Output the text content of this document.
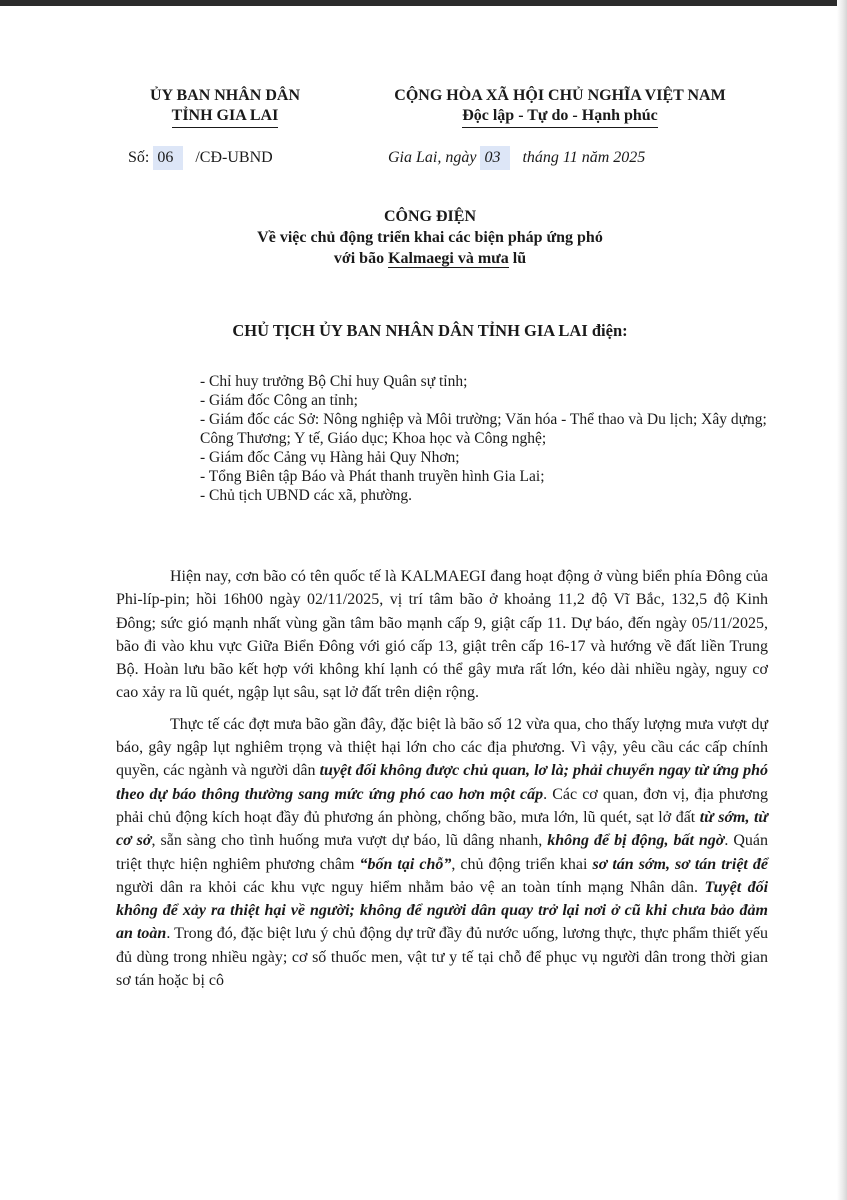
ỦY BAN NHÂN DÂN
TỈNH GIA LAI
CỘNG HÒA XÃ HỘI CHỦ NGHĨA VIỆT NAM
Độc lập - Tự do - Hạnh phúc
Số: 06 /CĐ-UBND	Gia Lai, ngày 03 tháng 11 năm 2025
CÔNG ĐIỆN
Về việc chủ động triển khai các biện pháp ứng phó
với bão Kalmaegi và mưa lũ
CHỦ TỊCH ỦY BAN NHÂN DÂN TỈNH GIA LAI điện:
- Chỉ huy trưởng Bộ Chỉ huy Quân sự tỉnh;
- Giám đốc Công an tỉnh;
- Giám đốc các Sở: Nông nghiệp và Môi trường; Văn hóa - Thể thao và Du lịch; Xây dựng; Công Thương; Y tế, Giáo dục; Khoa học và Công nghệ;
- Giám đốc Cảng vụ Hàng hải Quy Nhơn;
- Tổng Biên tập Báo và Phát thanh truyền hình Gia Lai;
- Chủ tịch UBND các xã, phường.

Hiện nay, cơn bão có tên quốc tế là KALMAEGI đang hoạt động ở vùng biển phía Đông của Phi-líp-pin; hồi 16h00 ngày 02/11/2025, vị trí tâm bão ở khoảng 11,2 độ Vĩ Bắc, 132,5 độ Kinh Đông; sức gió mạnh nhất vùng gần tâm bão mạnh cấp 9, giật cấp 11. Dự báo, đến ngày 05/11/2025, bão đi vào khu vực Giữa Biển Đông với gió cấp 13, giật trên cấp 16-17 và hướng về đất liền Trung Bộ. Hoàn lưu bão kết hợp với không khí lạnh có thể gây mưa rất lớn, kéo dài nhiều ngày, nguy cơ cao xảy ra lũ quét, ngập lụt sâu, sạt lở đất trên diện rộng.

Thực tế các đợt mưa bão gần đây, đặc biệt là bão số 12 vừa qua, cho thấy lượng mưa vượt dự báo, gây ngập lụt nghiêm trọng và thiệt hại lớn cho các địa phương. Vì vậy, yêu cầu các cấp chính quyền, các ngành và người dân tuyệt đối không được chủ quan, lơ là; phải chuyển ngay từ ứng phó theo dự báo thông thường sang mức ứng phó cao hơn một cấp. Các cơ quan, đơn vị, địa phương phải chủ động kích hoạt đầy đủ phương án phòng, chống bão, mưa lớn, lũ quét, sạt lở đất từ sớm, từ cơ sở, sẵn sàng cho tình huống mưa vượt dự báo, lũ dâng nhanh, không để bị động, bất ngờ. Quán triệt thực hiện nghiêm phương châm “bốn tại chỗ”, chủ động triển khai sơ tán sớm, sơ tán triệt để người dân ra khỏi các khu vực nguy hiểm nhằm bảo vệ an toàn tính mạng Nhân dân. Tuyệt đối không để xảy ra thiệt hại về người; không để người dân quay trở lại nơi ở cũ khi chưa bảo đảm an toàn. Trong đó, đặc biệt lưu ý chủ động dự trữ đầy đủ nước uống, lương thực, thực phẩm thiết yếu đủ dùng trong nhiều ngày; cơ số thuốc men, vật tư y tế tại chỗ để phục vụ người dân trong thời gian sơ tán hoặc bị cô
